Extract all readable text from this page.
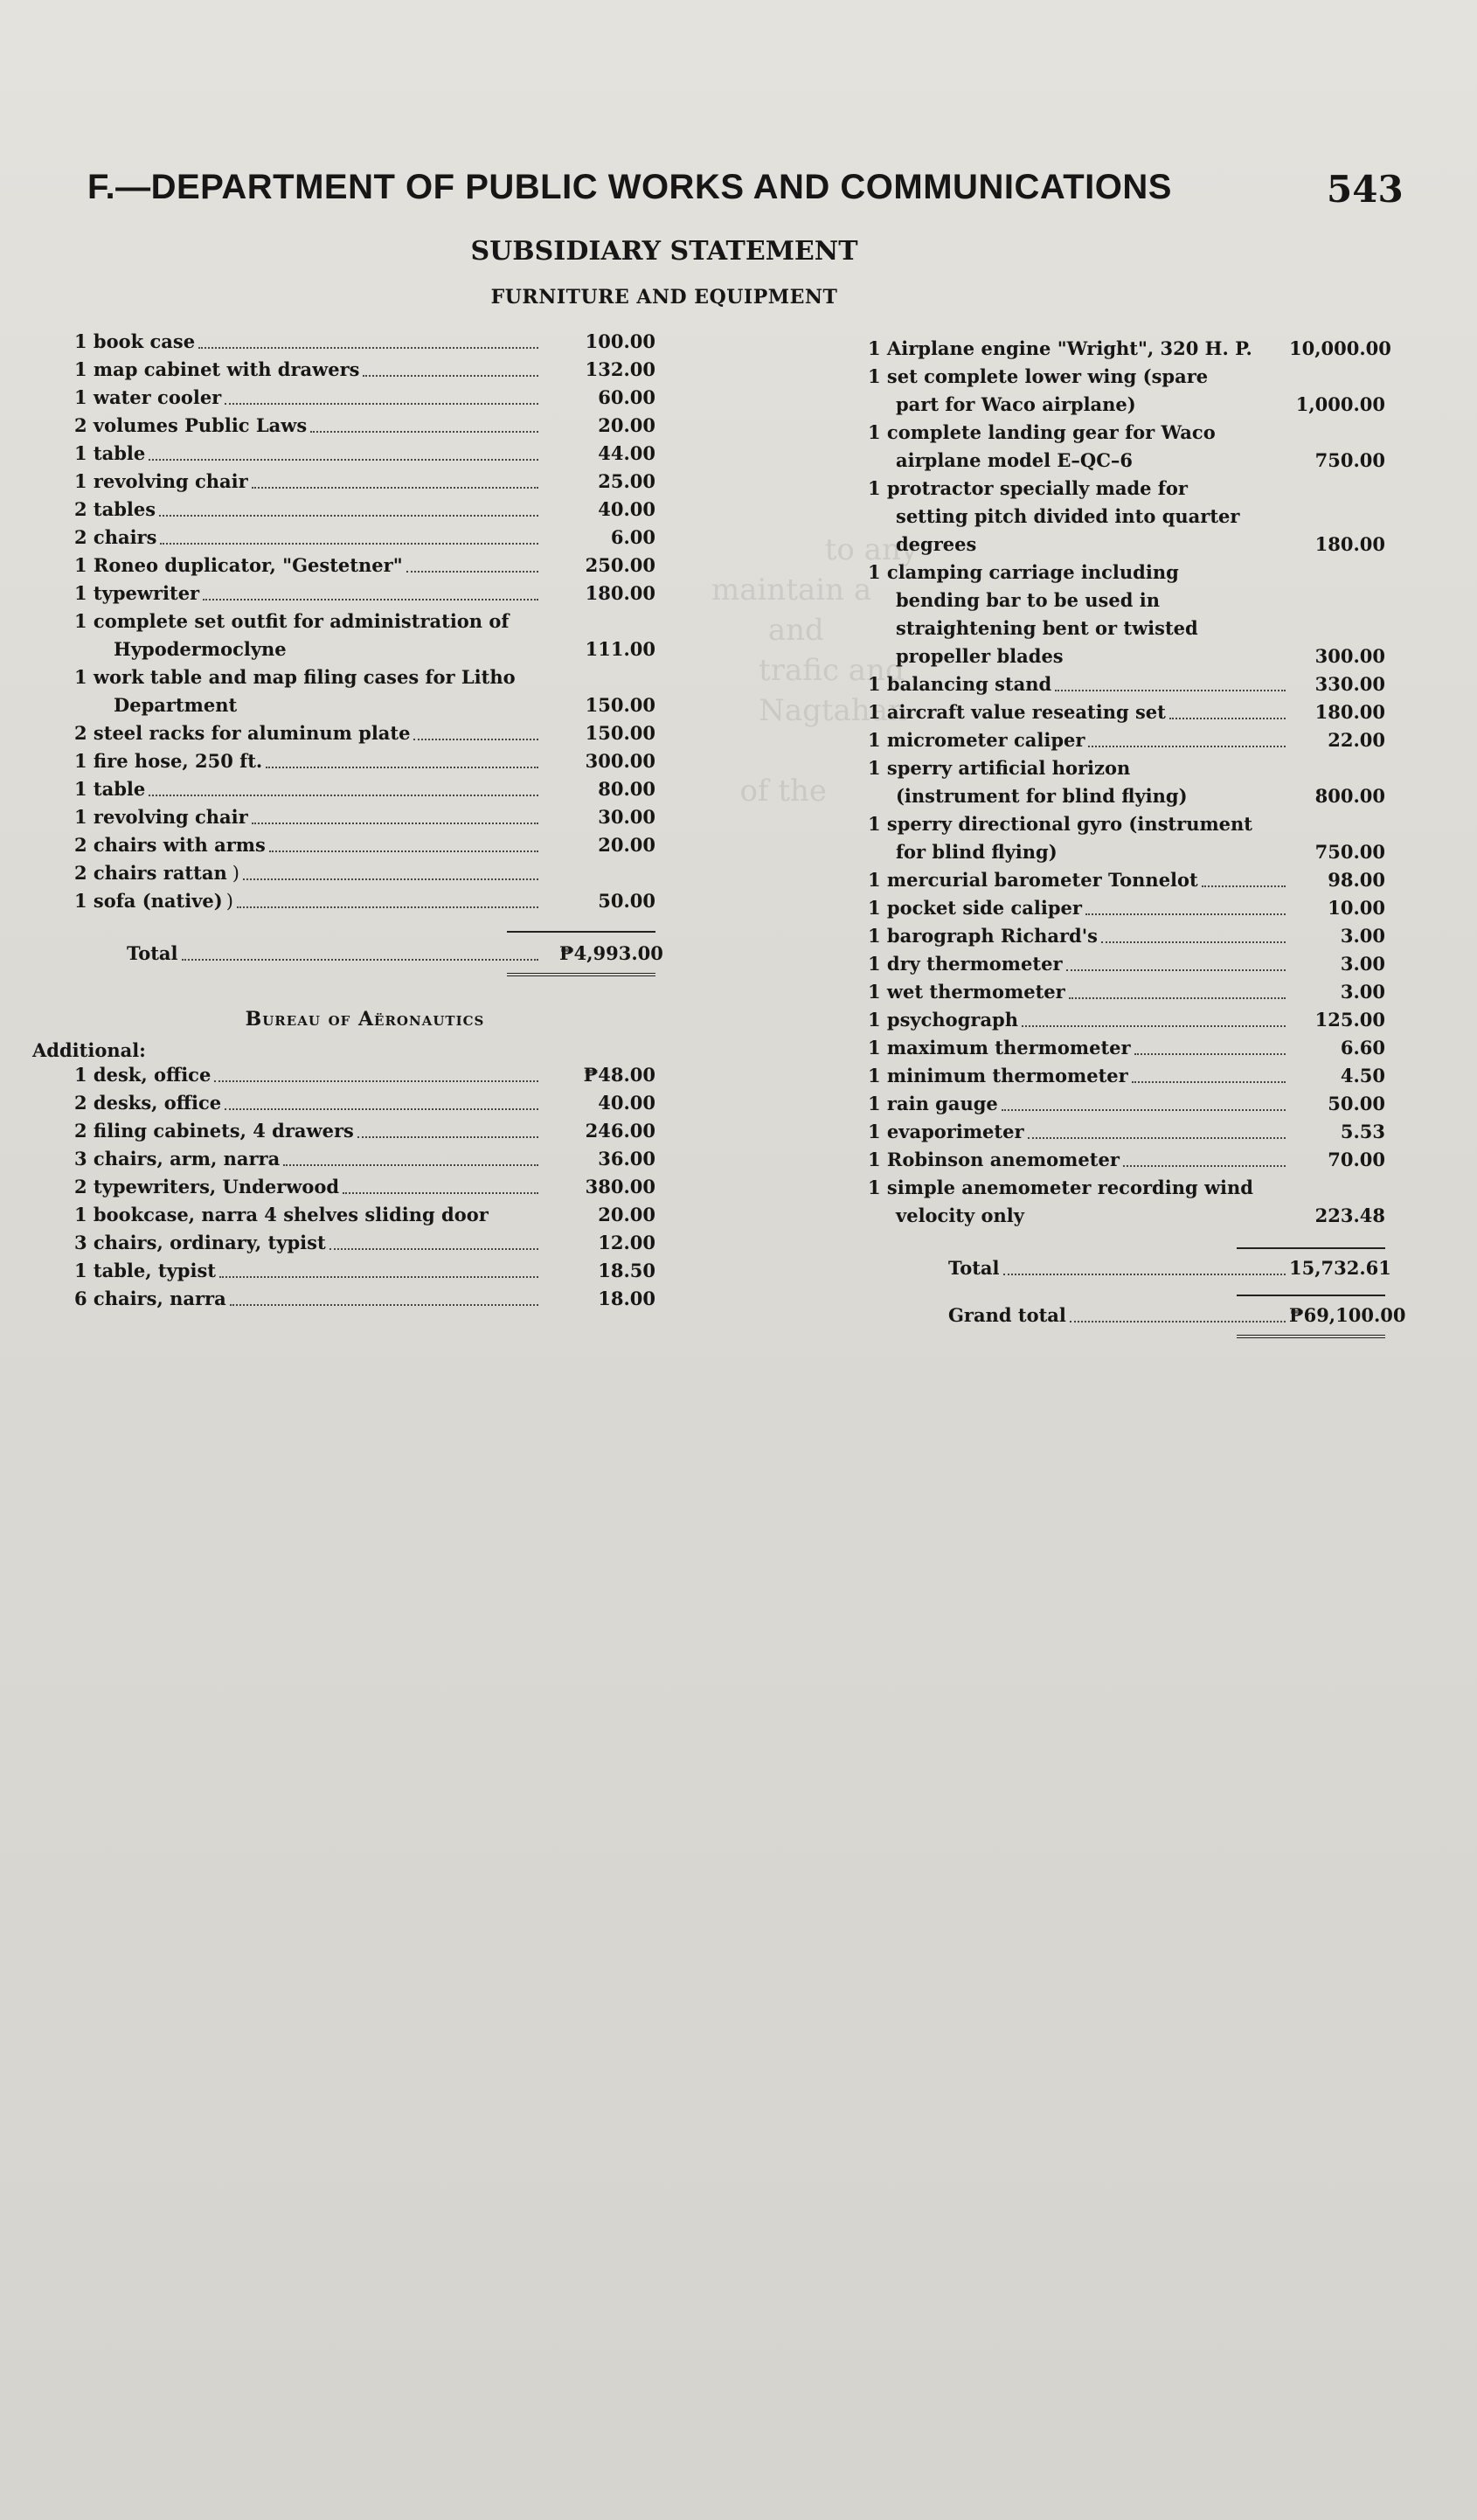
	to any
maintain a
and
trafic and
Nagtahan

of the

F.—DEPARTMENT OF PUBLIC WORKS AND COMMUNICATIONS	543
SUBSIDIARY STATEMENT
FURNITURE AND EQUIPMENT
1 book case	100.00
1 map cabinet with drawers	132.00
1 water cooler	60.00
2 volumes Public Laws	20.00
1 table	44.00
1 revolving chair	25.00
2 tables	40.00
2 chairs	6.00
1 Roneo duplicator, "Gestetner"	250.00
1 typewriter	180.00
1 complete set outfit for administration of Hypodermoclyne	111.00
1 work table and map filing cases for Litho Department	150.00
2 steel racks for aluminum plate	150.00
1 fire hose, 250 ft.	300.00
1 table	80.00
1 revolving chair	30.00
2 chairs with arms	20.00
2 chairs rattan )
1 sofa (native) )	50.00
Total	₱4,993.00
Bureau of Aëronautics
Additional:
1 desk, office	₱48.00
2 desks, office	40.00
2 filing cabinets, 4 drawers	246.00
3 chairs, arm, narra	36.00
2 typewriters, Underwood	380.00
1 bookcase, narra 4 shelves sliding door	20.00
3 chairs, ordinary, typist	12.00
1 table, typist	18.50
6 chairs, narra	18.00
1 Airplane engine "Wright", 320 H. P.	10,000.00
1 set complete lower wing (spare part for Waco airplane)	1,000.00
1 complete landing gear for Waco airplane model E–QC–6	750.00
1 protractor specially made for setting pitch divided into quarter degrees	180.00
1 clamping carriage including bending bar to be used in straightening bent or twisted propeller blades	300.00
1 balancing stand	330.00
1 aircraft value reseating set	180.00
1 micrometer caliper	22.00
1 sperry artificial horizon (instrument for blind flying)	800.00
1 sperry directional gyro (instrument for blind flying)	750.00
1 mercurial barometer Tonnelot	98.00
1 pocket side caliper	10.00
1 barograph Richard's	3.00
1 dry thermometer	3.00
1 wet thermometer	3.00
1 psychograph	125.00
1 maximum thermometer	6.60
1 minimum thermometer	4.50
1 rain gauge	50.00
1 evaporimeter	5.53
1 Robinson anemometer	70.00
1 simple anemometer recording wind velocity only	223.48
Total	15,732.61
Grand total	₱69,100.00
